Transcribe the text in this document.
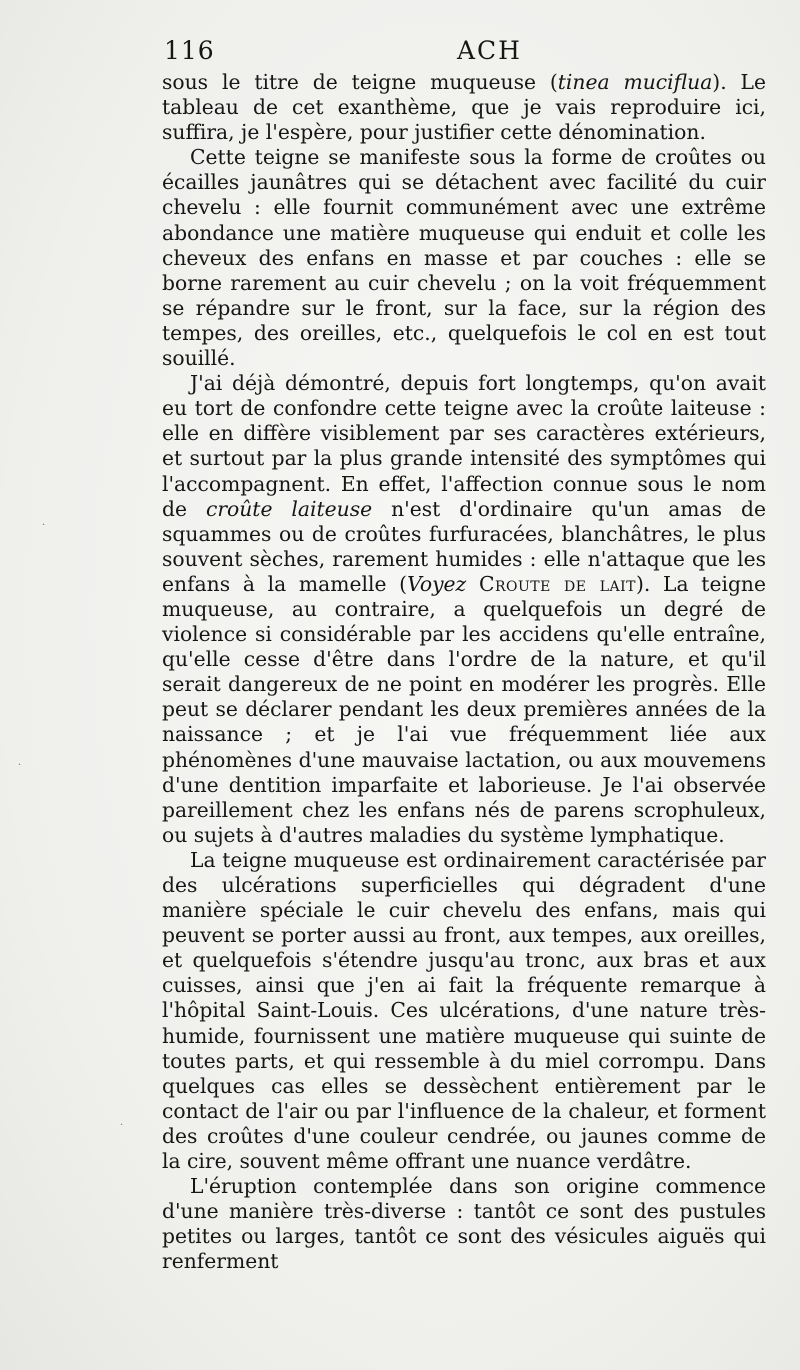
116	ACH

sous le titre de teigne muqueuse (tinea muciflua). Le tableau de cet exanthème, que je vais reproduire ici, suffira, je l'espère, pour justifier cette dénomination.

Cette teigne se manifeste sous la forme de croûtes ou écailles jaunâtres qui se détachent avec facilité du cuir chevelu : elle fournit communément avec une extrême abondance une matière muqueuse qui enduit et colle les cheveux des enfans en masse et par couches : elle se borne rarement au cuir chevelu ; on la voit fréquemment se répandre sur le front, sur la face, sur la région des tempes, des oreilles, etc., quelquefois le col en est tout souillé.

J'ai déjà démontré, depuis fort longtemps, qu'on avait eu tort de confondre cette teigne avec la croûte laiteuse : elle en diffère visiblement par ses caractères extérieurs, et surtout par la plus grande intensité des symptômes qui l'accompagnent. En effet, l'affection connue sous le nom de croûte laiteuse n'est d'ordinaire qu'un amas de squammes ou de croûtes furfuracées, blanchâtres, le plus souvent sèches, rarement humides : elle n'attaque que les enfans à la mamelle (Voyez Croute de lait). La teigne muqueuse, au contraire, a quelquefois un degré de violence si considérable par les accidens qu'elle entraîne, qu'elle cesse d'être dans l'ordre de la nature, et qu'il serait dangereux de ne point en modérer les progrès. Elle peut se déclarer pendant les deux premières années de la naissance ; et je l'ai vue fréquemment liée aux phénomènes d'une mauvaise lactation, ou aux mouvemens d'une dentition imparfaite et laborieuse. Je l'ai observée pareillement chez les enfans nés de parens scrophuleux, ou sujets à d'autres maladies du système lymphatique.

La teigne muqueuse est ordinairement caractérisée par des ulcérations superficielles qui dégradent d'une manière spéciale le cuir chevelu des enfans, mais qui peuvent se porter aussi au front, aux tempes, aux oreilles, et quelquefois s'étendre jusqu'au tronc, aux bras et aux cuisses, ainsi que j'en ai fait la fréquente remarque à l'hôpital Saint-Louis. Ces ulcérations, d'une nature très-humide, fournissent une matière muqueuse qui suinte de toutes parts, et qui ressemble à du miel corrompu. Dans quelques cas elles se dessèchent entièrement par le contact de l'air ou par l'influence de la chaleur, et forment des croûtes d'une couleur cendrée, ou jaunes comme de la cire, souvent même offrant une nuance verdâtre.

L'éruption contemplée dans son origine commence d'une manière très-diverse : tantôt ce sont des pustules petites ou larges, tantôt ce sont des vésicules aiguës qui renferment

·
·
·
